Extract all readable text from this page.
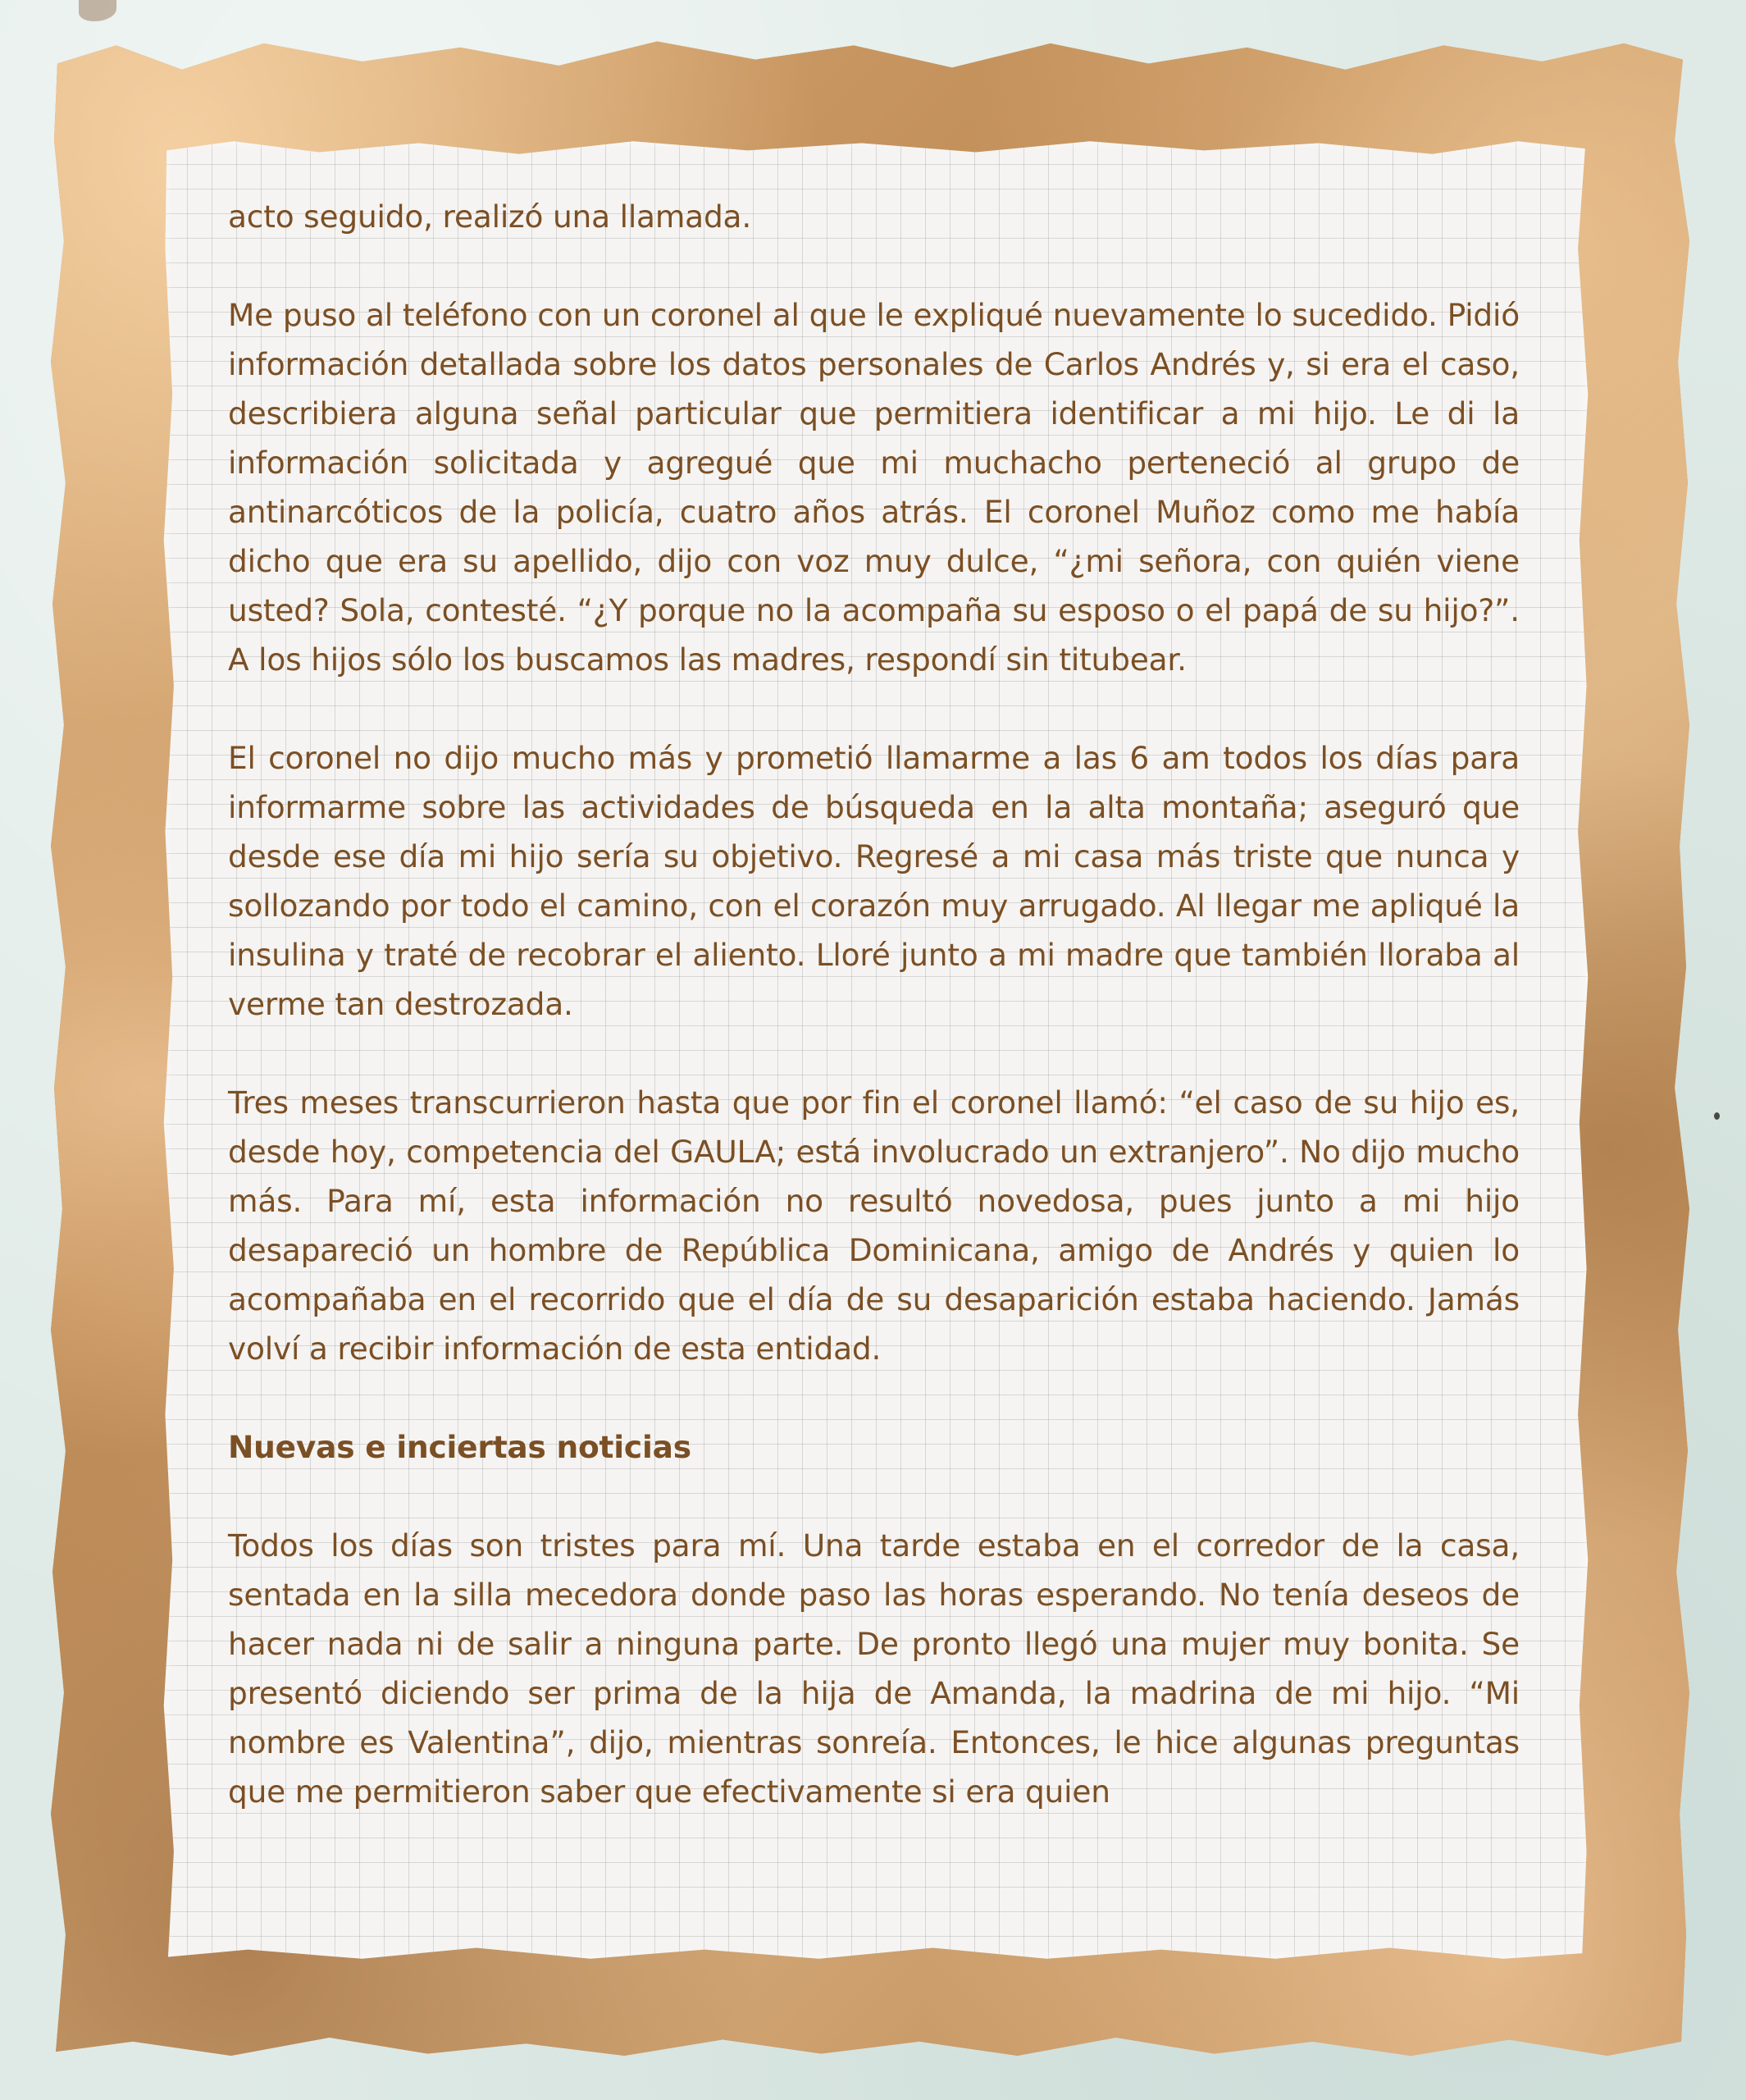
acto seguido, realizó una llamada.

Me puso al teléfono con un coronel al que le expliqué nuevamente lo sucedido. Pidió información detallada sobre los datos personales de Carlos Andrés y, si era el caso, describiera alguna señal particular que permitiera identificar a mi hijo. Le di la información solicitada y agregué que mi muchacho perteneció al grupo de antinarcóticos de la policía, cuatro años atrás. El coronel Muñoz como me había dicho que era su apellido, dijo con voz muy dulce, “¿mi señora, con quién viene usted? Sola, contesté. “¿Y porque no la acompaña su esposo o el papá de su hijo?”. A los hijos sólo los buscamos las madres, respondí sin titubear.

El coronel no dijo mucho más y prometió llamarme a las 6 am todos los días para informarme sobre las actividades de búsqueda en la alta montaña; aseguró que desde ese día mi hijo sería su objetivo. Regresé a mi casa más triste que nunca y sollozando por todo el camino, con el corazón muy arrugado. Al llegar me apliqué la insulina y traté de recobrar el aliento. Lloré junto a mi madre que también lloraba al verme tan destrozada.

Tres meses transcurrieron hasta que por fin el coronel llamó: “el caso de su hijo es, desde hoy, competencia del GAULA; está involucrado un extranjero”. No dijo mucho más. Para mí, esta información no resultó novedosa, pues junto a mi hijo desapareció un hombre de República Dominicana, amigo de Andrés y quien lo acompañaba en el recorrido que el día de su desaparición estaba haciendo. Jamás volví a recibir información de esta entidad.

Nuevas e inciertas noticias

Todos los días son tristes para mí. Una tarde estaba en el corredor de la casa, sentada en la silla mecedora donde paso las horas esperando. No tenía deseos de hacer nada ni de salir a ninguna parte. De pronto llegó una mujer muy bonita. Se presentó diciendo ser prima de la hija de Amanda, la madrina de mi hijo. “Mi nombre es Valentina”, dijo, mientras sonreía. Entonces, le hice algunas preguntas que me permitieron saber que efectivamente si era quien
